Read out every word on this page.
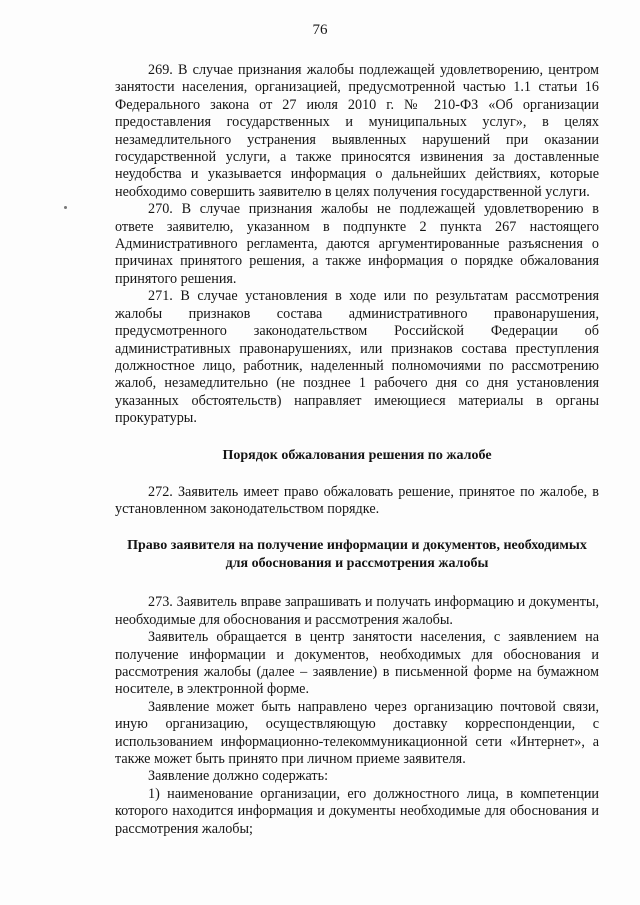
76

269. В случае признания жалобы подлежащей удовлетворению, центром занятости населения, организацией, предусмотренной частью 1.1 статьи 16 Федерального закона от 27 июля 2010 г. № 210-ФЗ «Об организации предоставления государственных и муниципальных услуг», в целях незамедлительного устранения выявленных нарушений при оказании государственной услуги, а также приносятся извинения за доставленные неудобства и указывается информация о дальнейших действиях, которые необходимо совершить заявителю в целях получения государственной услуги.

270. В случае признания жалобы не подлежащей удовлетворению в ответе заявителю, указанном в подпункте 2 пункта 267 настоящего Административного регламента, даются аргументированные разъяснения о причинах принятого решения, а также информация о порядке обжалования принятого решения.

271. В случае установления в ходе или по результатам рассмотрения жалобы признаков состава административного правонарушения, предусмотренного законодательством Российской Федерации об административных правонарушениях, или признаков состава преступления должностное лицо, работник, наделенный полномочиями по рассмотрению жалоб, незамедлительно (не позднее 1 рабочего дня со дня установления указанных обстоятельств) направляет имеющиеся материалы в органы прокуратуры.

Порядок обжалования решения по жалобе

272. Заявитель имеет право обжаловать решение, принятое по жалобе, в установленном законодательством порядке.

Право заявителя на получение информации и документов, необходимых для обоснования и рассмотрения жалобы

273. Заявитель вправе запрашивать и получать информацию и документы, необходимые для обоснования и рассмотрения жалобы.

Заявитель обращается в центр занятости населения, с заявлением на получение информации и документов, необходимых для обоснования и рассмотрения жалобы (далее – заявление) в письменной форме на бумажном носителе, в электронной форме.

Заявление может быть направлено через организацию почтовой связи, иную организацию, осуществляющую доставку корреспонденции, с использованием информационно-телекоммуникационной сети «Интернет», а также может быть принято при личном приеме заявителя.

Заявление должно содержать:

1) наименование организации, его должностного лица, в компетенции которого находится информация и документы необходимые для обоснования и рассмотрения жалобы;
